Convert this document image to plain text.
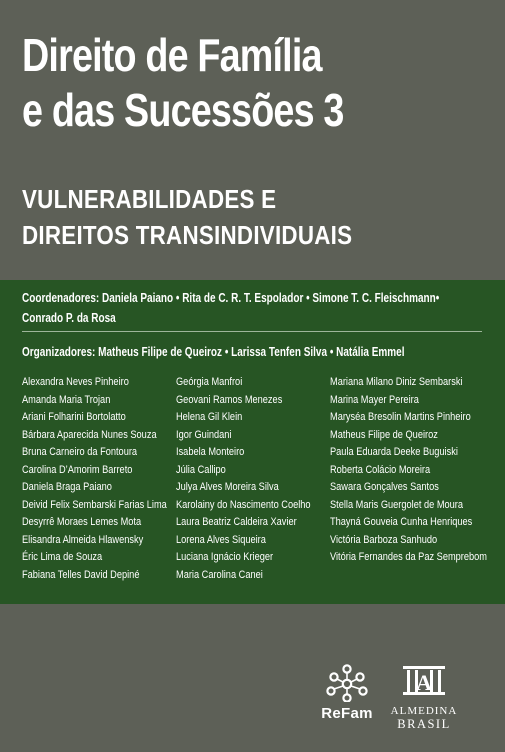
Direito de Família
e das Sucessões 3
VULNERABILIDADES E
DIREITOS TRANSINDIVIDUAIS
Coordenadores: Daniela Paiano • Rita de C. R. T. Espolador • Simone T. C. Fleischmann• Conrado P. da Rosa
Organizadores: Matheus Filipe de Queiroz • Larissa Tenfen Silva • Natália Emmel
Alexandra Neves Pinheiro
Amanda Maria Trojan
Ariani Folharini Bortolatto
Bárbara Aparecida Nunes Souza
Bruna Carneiro da Fontoura
Carolina D’Amorim Barreto
Daniela Braga Paiano
Deivid Felix Sembarski Farias Lima
Desyrrê Moraes Lemes Mota
Elisandra Almeida Hlawensky
Éric Lima de Souza
Fabiana Telles David Depiné
Geórgia Manfroi
Geovani Ramos Menezes
Helena Gil Klein
Igor Guindani
Isabela Monteiro
Júlia Callipo
Julya Alves Moreira Silva
Karolainy do Nascimento Coelho
Laura Beatriz Caldeira Xavier
Lorena Alves Siqueira
Luciana Ignácio Krieger
Maria Carolina Canei
Mariana Milano Diniz Sembarski
Marina Mayer Pereira
Maryséa Bresolin Martins Pinheiro
Matheus Filipe de Queiroz
Paula Eduarda Deeke Buguiski
Roberta Colácio Moreira
Sawara Gonçalves Santos
Stella Maris Guergolet de Moura
Thayná Gouveia Cunha Henriques
Victória Barboza Sanhudo
Vitória Fernandes da Paz Semprebom
ReFam
A
ALMEDINA
BRASIL
